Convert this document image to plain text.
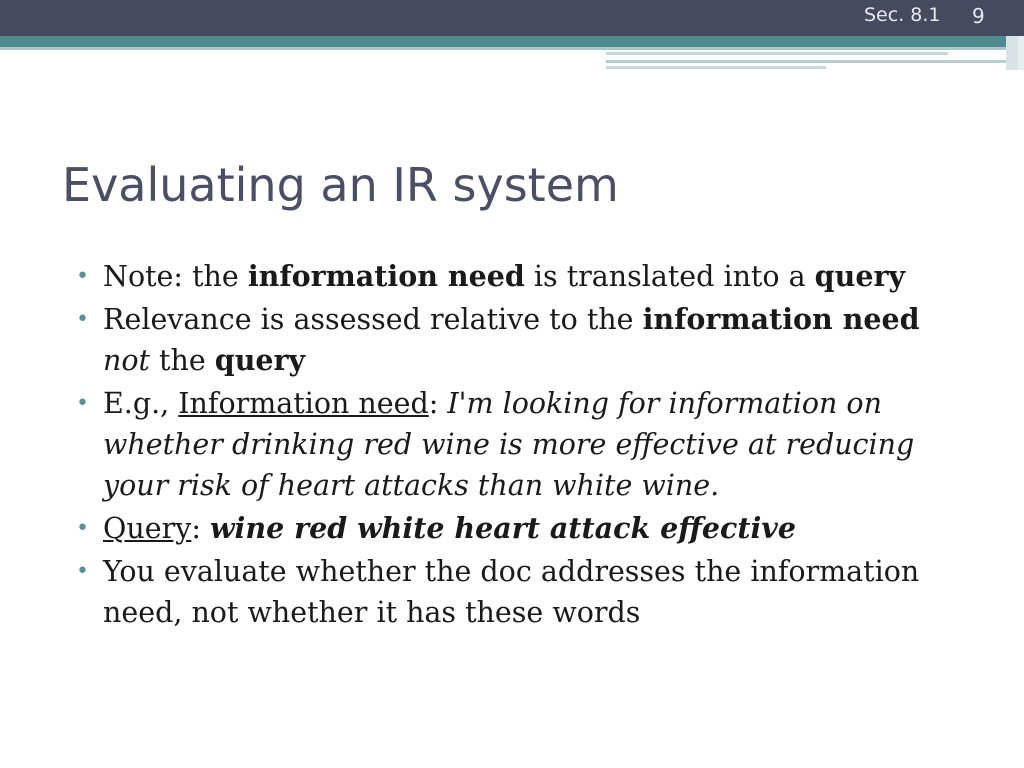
Sec. 8.1 9
Evaluating an IR system
• Note: the information need is translated into a query
• Relevance is assessed relative to the information need not the query
• E.g., Information need: I'm looking for information on whether drinking red wine is more effective at reducing your risk of heart attacks than white wine.
• Query: wine red white heart attack effective
• You evaluate whether the doc addresses the information need, not whether it has these words
